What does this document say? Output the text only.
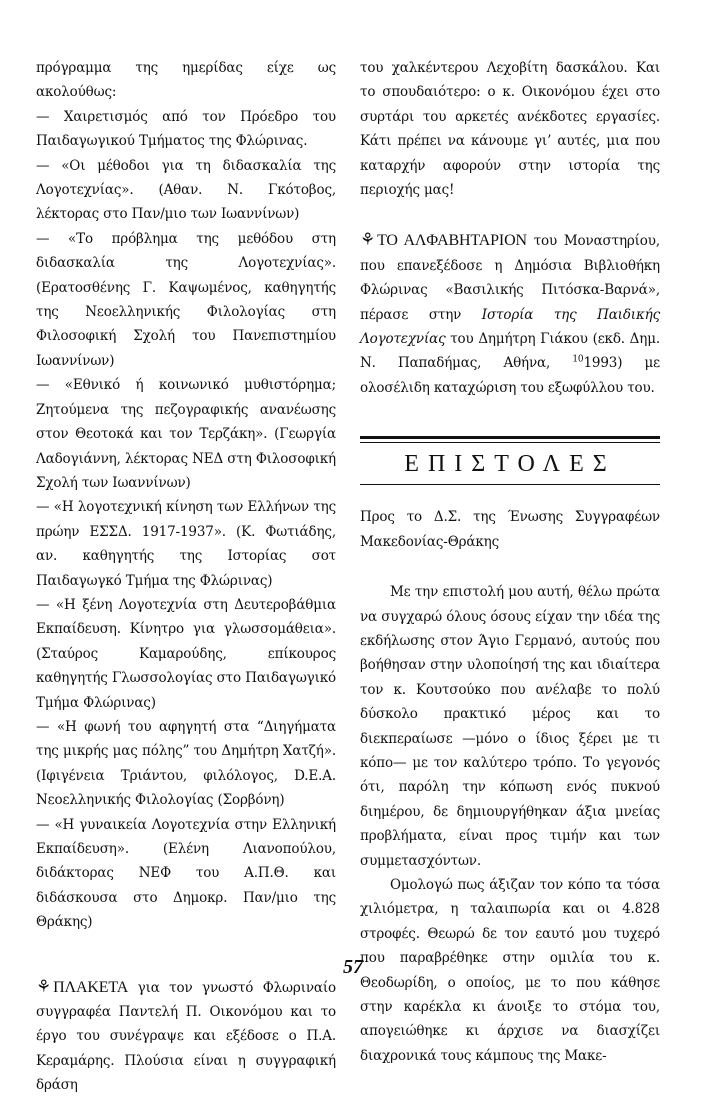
πρόγραμμα της ημερίδας είχε ως ακολούθως:

— Χαιρετισμός από τον Πρόεδρο του Παιδαγωγικού Τμήματος της Φλώρινας.

— «Οι μέθοδοι για τη διδασκαλία της Λογοτεχνίας». (Αθαν. Ν. Γκότοβος, λέκτορας στο Παν/μιο των Ιωαννίνων)

— «Το πρόβλημα της μεθόδου στη διδασκαλία της Λογοτεχνίας». (Ερατοσθένης Γ. Καψωμένος, καθηγητής της Νεοελληνικής Φιλολογίας στη Φιλοσοφική Σχολή του Πανεπιστημίου Ιωαννίνων)

— «Εθνικό ή κοινωνικό μυθιστόρημα; Ζητούμενα της πεζογραφικής ανανέωσης στον Θεοτοκά και τον Τερζάκη». (Γεωργία Λαδογιάννη, λέκτορας ΝΕΔ στη Φιλοσοφική Σχολή των Ιωαννίνων)

— «Η λογοτεχνική κίνηση των Ελλήνων της πρώην ΕΣΣΔ. 1917-1937». (Κ. Φωτιάδης, αν. καθηγητής της Ιστορίας σοτ Παιδαγωγκό Τμήμα της Φλώρινας)

— «Η ξένη Λογοτεχνία στη Δευτεροβάθμια Εκπαίδευση. Κίνητρο για γλωσσομάθεια». (Σταύρος Καμαρούδης, επίκουρος καθηγητής Γλωσσολογίας στο Παιδαγωγικό Τμήμα Φλώρινας)

— «Η φωνή του αφηγητή στα “Διηγήματα της μικρής μας πόλης” του Δημήτρη Χατζή». (Ιφιγένεια Τριάντου, φιλόλογος, D.E.A. Νεοελληνικής Φιλολογίας (Σορβόνη)

— «Η γυναικεία Λογοτεχνία στην Ελληνική Εκπαίδευση». (Ελένη Λιανοπούλου, διδάκτορας ΝΕΦ του Α.Π.Θ. και διδάσκουσα στο Δημοκρ. Παν/μιο της Θράκης)

⚘ ΠΛΑΚΕΤΑ για τον γνωστό Φλωριναίο συγγραφέα Παντελή Π. Οικονόμου και το έργο του συνέγραψε και εξέδοσε ο Π.Α. Κεραμάρης. Πλούσια είναι η συγγραφική δράση

του χαλκέντερου Λεχοβίτη δασκάλου. Και το σπουδαιότερο: ο κ. Οικονόμου έχει στο συρτάρι του αρκετές ανέκδοτες εργασίες. Κάτι πρέπει να κάνουμε γι’ αυτές, μια που καταρχήν αφορούν στην ιστορία της περιοχής μας!

⚘ ΤΟ ΑΛΦΑΒΗΤΑΡΙΟΝ του Μοναστηρίου, που επανεξέδοσε η Δημόσια Βιβλιοθήκη Φλώρινας «Βασιλικής Πιτόσκα-Βαρνά», πέρασε στην Ιστορία της Παιδικής Λογοτεχνίας του Δημήτρη Γιάκου (εκδ. Δημ. Ν. Παπαδήμας, Αθήνα, $^{10}$1993) με ολοσέλιδη καταχώριση του εξωφύλλου του.

ΕΠΙΣΤΟΛΕΣ

Προς το Δ.Σ. της Ένωσης Συγγραφέων Μακεδονίας-Θράκης

Με την επιστολή μου αυτή, θέλω πρώτα να συγχαρώ όλους όσους είχαν την ιδέα της εκδήλωσης στον Άγιο Γερμανό, αυτούς που βοήθησαν στην υλοποίησή της και ιδιαίτερα τον κ. Κουτσούκο που ανέλαβε το πολύ δύσκολο πρακτικό μέρος και το διεκπεραίωσε —μόνο ο ίδιος ξέρει με τι κόπο— με τον καλύτερο τρόπο. Το γεγονός ότι, παρόλη την κόπωση ενός πυκνού διημέρου, δε δημιουργήθηκαν άξια μνείας προβλήματα, είναι προς τιμήν και των συμμετασχόντων.

Ομολογώ πως άξιζαν τον κόπο τα τόσα χιλιόμετρα, η ταλαιπωρία και οι 4.828 στροφές. Θεωρώ δε τον εαυτό μου τυχερό που παραβρέθηκε στην ομιλία του κ. Θεοδωρίδη, ο οποίος, με το που κάθησε στην καρέκλα κι άνοιξε το στόμα του, απογειώθηκε κι άρχισε να διασχίζει διαχρονικά τους κάμπους της Μακε-

57
